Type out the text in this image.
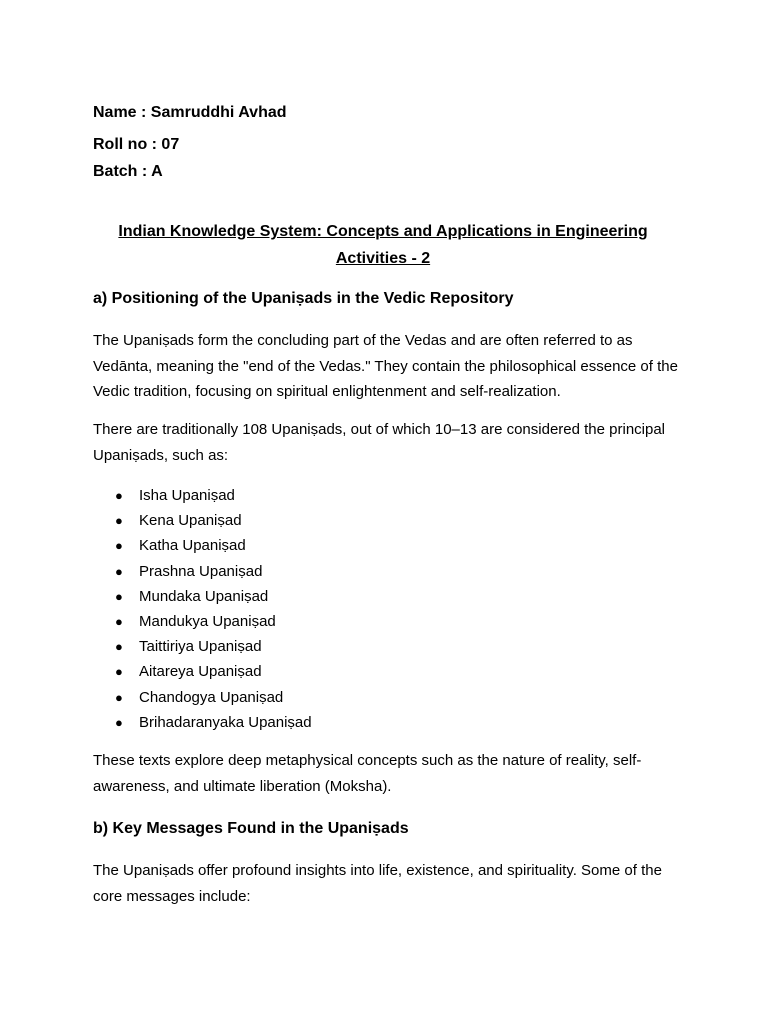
Name : Samruddhi Avhad
Roll no : 07
Batch : A
Indian Knowledge System: Concepts and Applications in Engineering
Activities - 2
a) Positioning of the Upaniṣads in the Vedic Repository

The Upaniṣads form the concluding part of the Vedas and are often referred to as Vedānta, meaning the "end of the Vedas." They contain the philosophical essence of the Vedic tradition, focusing on spiritual enlightenment and self-realization.

There are traditionally 108 Upaniṣads, out of which 10–13 are considered the principal Upaniṣads, such as:

● Isha Upaniṣad
● Kena Upaniṣad
● Katha Upaniṣad
● Prashna Upaniṣad
● Mundaka Upaniṣad
● Mandukya Upaniṣad
● Taittiriya Upaniṣad
● Aitareya Upaniṣad
● Chandogya Upaniṣad
● Brihadaranyaka Upaniṣad

These texts explore deep metaphysical concepts such as the nature of reality, self-awareness, and ultimate liberation (Moksha).

b) Key Messages Found in the Upaniṣads

The Upaniṣads offer profound insights into life, existence, and spirituality. Some of the core messages include:
